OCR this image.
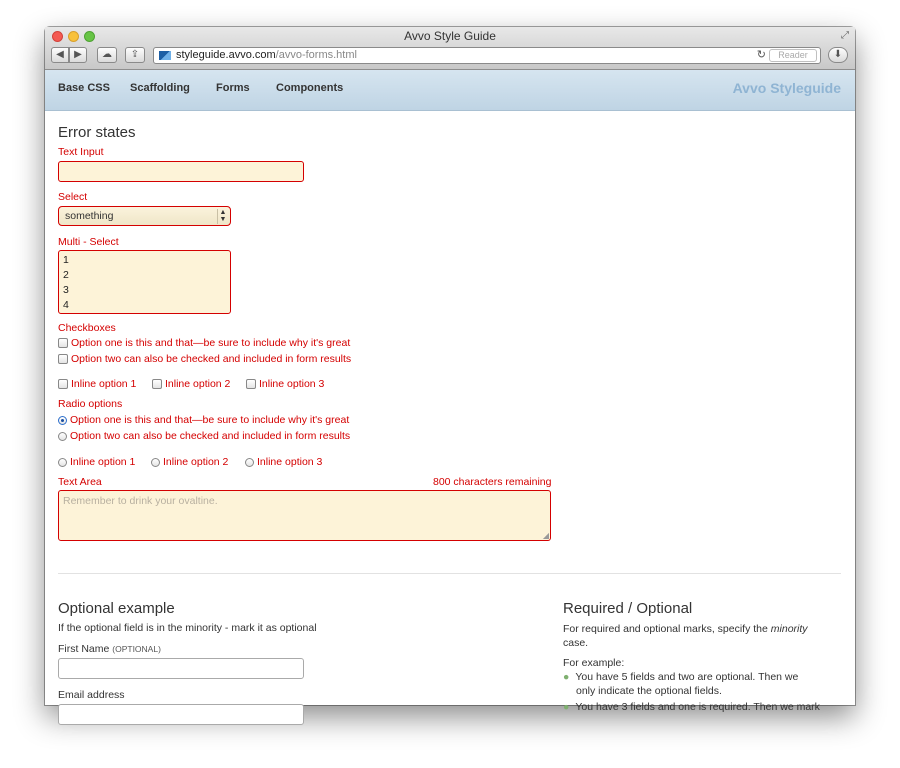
Avvo Style Guide	⤢
◀	▶	☁	⇪	styleguide.avvo.com/avvo-forms.html	↻	Reader	⬇
Base CSS Scaffolding Forms Components	Avvo Styleguide
Error states
Text Input
Select
something	▲
▼
Multi - Select
1
2
3
4
Checkboxes
Option one is this and that—be sure to include why it's great
Option two can also be checked and included in form results
Inline option 1	Inline option 2	Inline option 3
Radio options
Option one is this and that—be sure to include why it's great
Option two can also be checked and included in form results
Inline option 1	Inline option 2	Inline option 3
Text Area	800 characters remaining
Remember to drink your ovaltine.
◢
Optional example
If the optional field is in the minority - mark it as optional
First Name (OPTIONAL)
Email address
Required / Optional
For required and optional marks, specify the minority case.
For example:
● You have 5 fields and two are optional. Then we
only indicate the optional fields.
● You have 3 fields and one is required. Then we mark
